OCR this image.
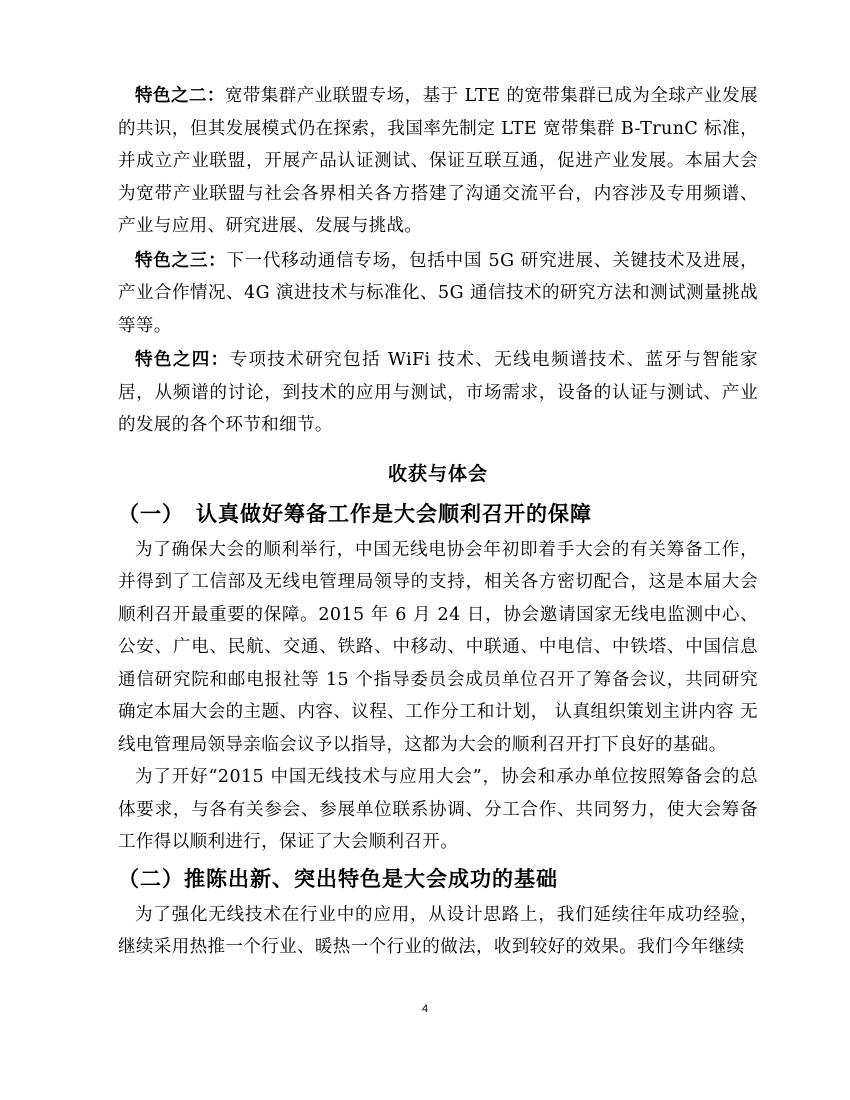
特色之二：宽带集群产业联盟专场，基于 LTE 的宽带集群已成为全球产业发展的共识，但其发展模式仍在探索，我国率先制定 LTE 宽带集群 B-TrunC 标准，并成立产业联盟，开展产品认证测试、保证互联互通，促进产业发展。本届大会为宽带产业联盟与社会各界相关各方搭建了沟通交流平台，内容涉及专用频谱、产业与应用、研究进展、发展与挑战。

特色之三：下一代移动通信专场，包括中国 5G 研究进展、关键技术及进展，产业合作情况、4G 演进技术与标准化、5G 通信技术的研究方法和测试测量挑战等等。

特色之四：专项技术研究包括 WiFi 技术、无线电频谱技术、蓝牙与智能家居，从频谱的讨论，到技术的应用与测试，市场需求，设备的认证与测试、产业的发展的各个环节和细节。

收获与体会
（一） 认真做好筹备工作是大会顺利召开的保障

为了确保大会的顺利举行，中国无线电协会年初即着手大会的有关筹备工作，并得到了工信部及无线电管理局领导的支持，相关各方密切配合，这是本届大会顺利召开最重要的保障。2015 年 6 月 24 日，协会邀请国家无线电监测中心、公安、广电、民航、交通、铁路、中移动、中联通、中电信、中铁塔、中国信息通信研究院和邮电报社等 15 个指导委员会成员单位召开了筹备会议，共同研究确定本届大会的主题、内容、议程、工作分工和计划， 认真组织策划主讲内容 无线电管理局领导亲临会议予以指导，这都为大会的顺利召开打下良好的基础。

为了开好“2015 中国无线技术与应用大会”，协会和承办单位按照筹备会的总体要求，与各有关参会、参展单位联系协调、分工合作、共同努力，使大会筹备工作得以顺利进行，保证了大会顺利召开。

（二）推陈出新、突出特色是大会成功的基础

为了强化无线技术在行业中的应用，从设计思路上，我们延续往年成功经验，继续采用热推一个行业、暖热一个行业的做法，收到较好的效果。我们今年继续

4
